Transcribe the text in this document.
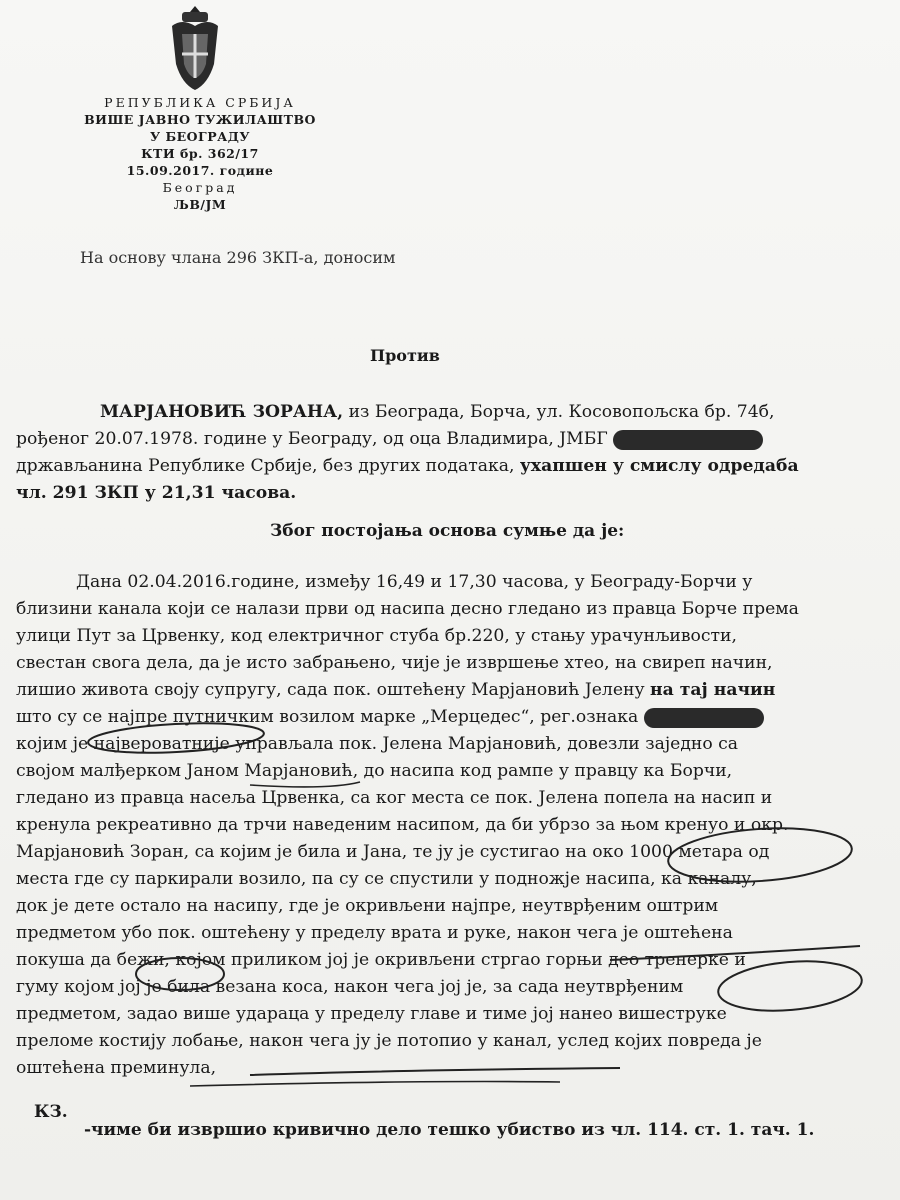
РЕПУБЛИКА СРБИЈА
ВИШЕ ЈАВНО ТУЖИЛАШТВО
У БЕОГРАДУ
КТИ бр. 362/17
15.09.2017. године
Београд
ЉВ/ЈМ
На основу члана 296 ЗКП-а, доносим
Против
МАРЈАНОВИЋ ЗОРАНА, из Београда, Борча, ул. Косовопољска бр. 74б,
рођеног 20.07.1978. године у Београду, од оца Владимира, ЈМБГ
држављанина Републике Србије, без других података, ухапшен у смислу одредаба
чл. 291 ЗКП у 21,31 часова.
Због постојања основа сумње да је:
Дана 02.04.2016.године, између 16,49 и 17,30 часова, у Београду-Борчи у
близини канала који се налази први од насипа десно гледано из правца Борче према
улици Пут за Црвенку, код електричног стуба бр.220, у стању урачунљивости,
свестан свога дела, да је исто забрањено, чије је извршење хтео, на свиреп начин,
лишио живота своју супругу, сада пок. оштећену Марјановић Јелену на тај начин
што су се најпре путничким возилом марке „Мерцедес“, рег.ознака
којим је највероватније управљала пок. Јелена Марјановић, довезли заједно са
својом малђерком Јаном Марјановић, до насипа код рампе у правцу ка Борчи,
гледано из правца насеља Црвенка, са ког места се пок. Јелена попела на насип и
кренула рекреативно да трчи наведеним насипом, да би убрзо за њом кренуо и окр.
Марјановић Зоран, са којим је била и Јана, те ју је сустигао на око 1000 метара од
места где су паркирали возило, па су се спустили у подножје насипа, ка каналу,
док је дете остало на насипу, где је окривљени најпре, неутврђеним оштрим
предметом убо пок. оштећену у пределу врата и руке, након чега је оштећена
покуша да бежи, којом приликом јој је окривљени стргао горњи део тренерке и
гуму којом јој је била везана коса, након чега јој је, за сада неутврђеним
предметом, задао више удараца у пределу главе и тиме јој нанео вишеструке
преломе костију лобање, након чега ју је потопио у канал, услед којих повреда је
оштећена преминула,
КЗ.
-чиме би извршио кривично дело тешко убиство из чл. 114. ст. 1. тач. 1.
